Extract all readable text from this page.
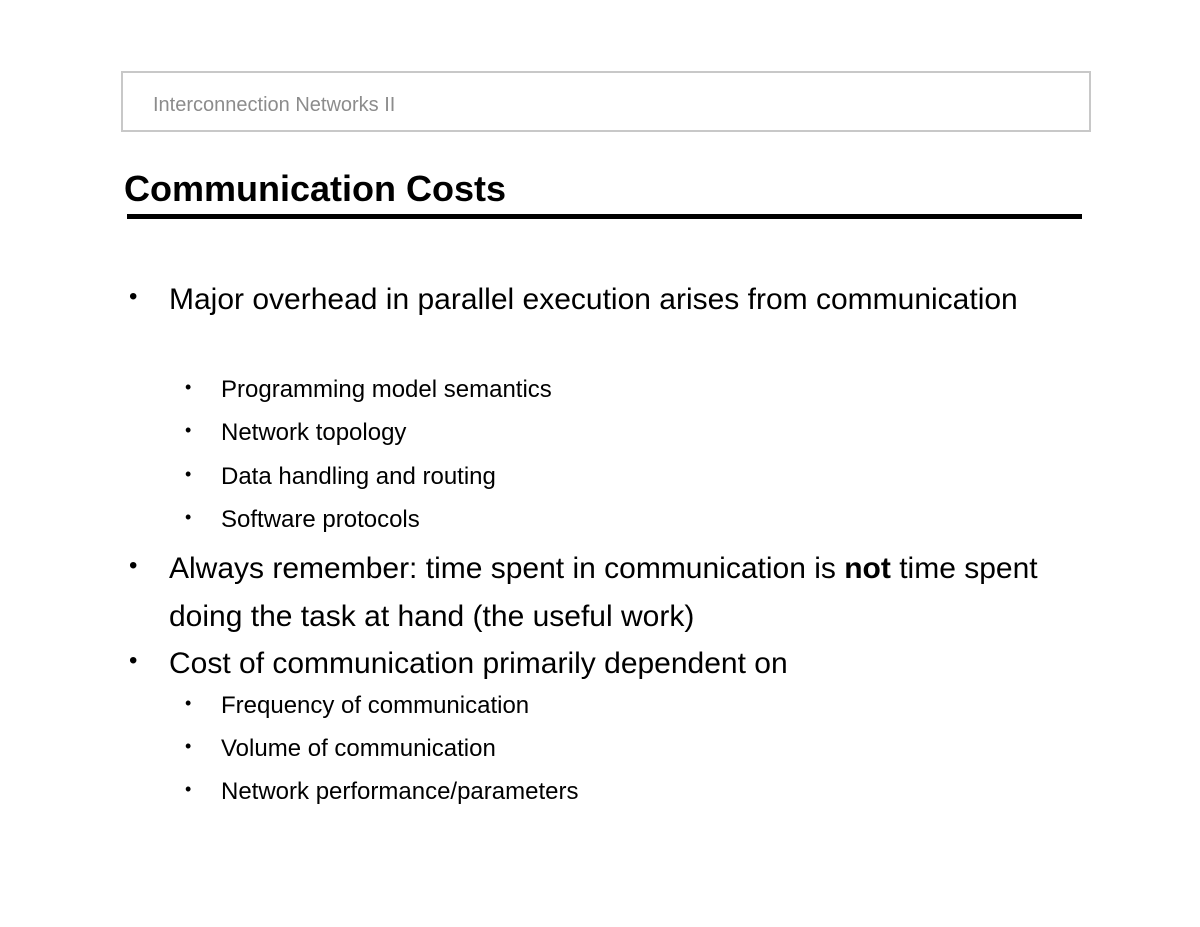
Interconnection Networks II
Communication Costs
• Major overhead in parallel execution arises from communication
• Programming model semantics
• Network topology
• Data handling and routing
• Software protocols
• Always remember: time spent in communication is not time spent doing the task at hand (the useful work)
• Cost of communication primarily dependent on
• Frequency of communication
• Volume of communication
• Network performance/parameters
